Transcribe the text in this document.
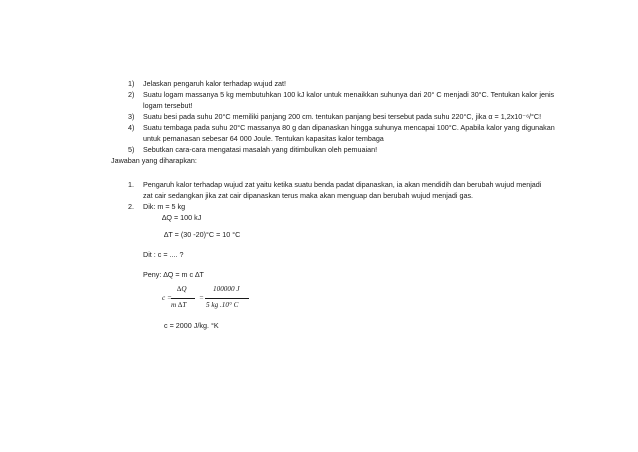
1) Jelaskan pengaruh kalor terhadap wujud zat!
2) Suatu logam massanya 5 kg membutuhkan 100 kJ kalor untuk menaikkan suhunya dari 20° C menjadi 30°C. Tentukan kalor jenis
logam tersebut!
3) Suatu besi pada suhu 20°C memiliki panjang 200 cm. tentukan panjang besi tersebut pada suhu 220°C, jika α = 1,2x10⁻⁶/°C!
4) Suatu tembaga pada suhu 20°C massanya 80 g dan dipanaskan hingga suhunya mencapai 100°C. Apabila kalor yang digunakan
untuk pemanasan sebesar 64 000 Joule. Tentukan kapasitas kalor tembaga
5) Sebutkan cara-cara mengatasi masalah yang ditimbulkan oleh pemuaian!
Jawaban yang diharapkan:
1. Pengaruh kalor terhadap wujud zat yaitu ketika suatu benda padat dipanaskan, ia akan mendidih dan berubah wujud menjadi
zat cair sedangkan jika zat cair dipanaskan terus maka akan menguap dan berubah wujud menjadi gas.
2. Dik: m = 5 kg
∆Q = 100 kJ
∆T = (30 -20)°C = 10 °C
Dit : c = .... ?
Peny: ∆Q = m c ∆T
c =
∆Q
m ∆T
=
100000 J
5 kg .10° C
c = 2000 J/kg. °K
